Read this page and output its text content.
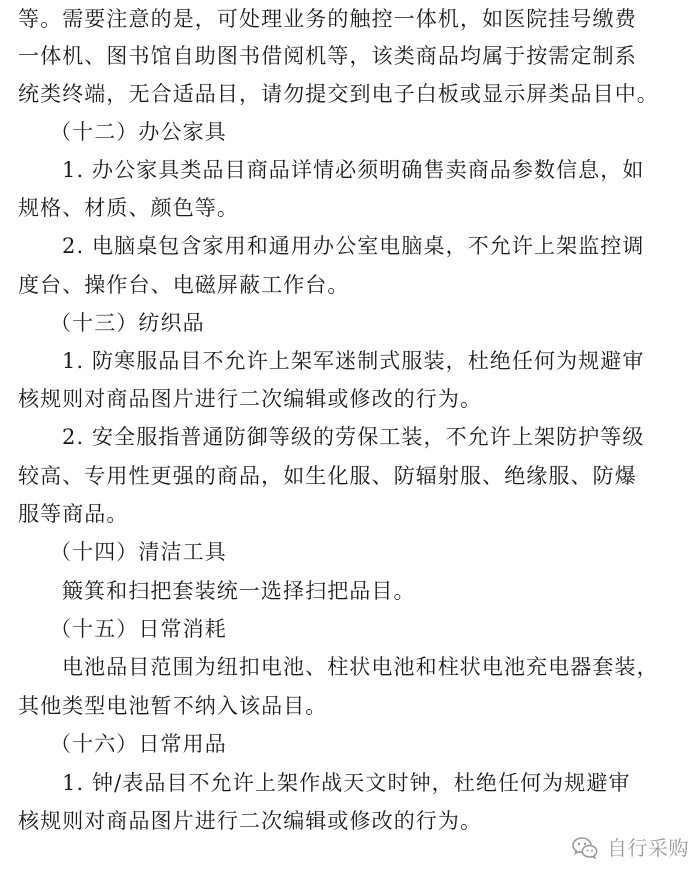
等。需要注意的是，可处理业务的触控一体机，如医院挂号缴费
一体机、图书馆自助图书借阅机等，该类商品均属于按需定制系
统类终端，无合适品目，请勿提交到电子白板或显示屏类品目中。
（十二）办公家具
1. 办公家具类品目商品详情必须明确售卖商品参数信息，如
规格、材质、颜色等。
2. 电脑桌包含家用和通用办公室电脑桌，不允许上架监控调
度台、操作台、电磁屏蔽工作台。
（十三）纺织品
1. 防寒服品目不允许上架军迷制式服装，杜绝任何为规避审
核规则对商品图片进行二次编辑或修改的行为。
2. 安全服指普通防御等级的劳保工装，不允许上架防护等级
较高、专用性更强的商品，如生化服、防辐射服、绝缘服、防爆
服等商品。
（十四）清洁工具
簸箕和扫把套装统一选择扫把品目。
（十五）日常消耗
电池品目范围为纽扣电池、柱状电池和柱状电池充电器套装，
其他类型电池暂不纳入该品目。
（十六）日常用品
1. 钟/表品目不允许上架作战天文时钟，杜绝任何为规避审
核规则对商品图片进行二次编辑或修改的行为。
自行采购
